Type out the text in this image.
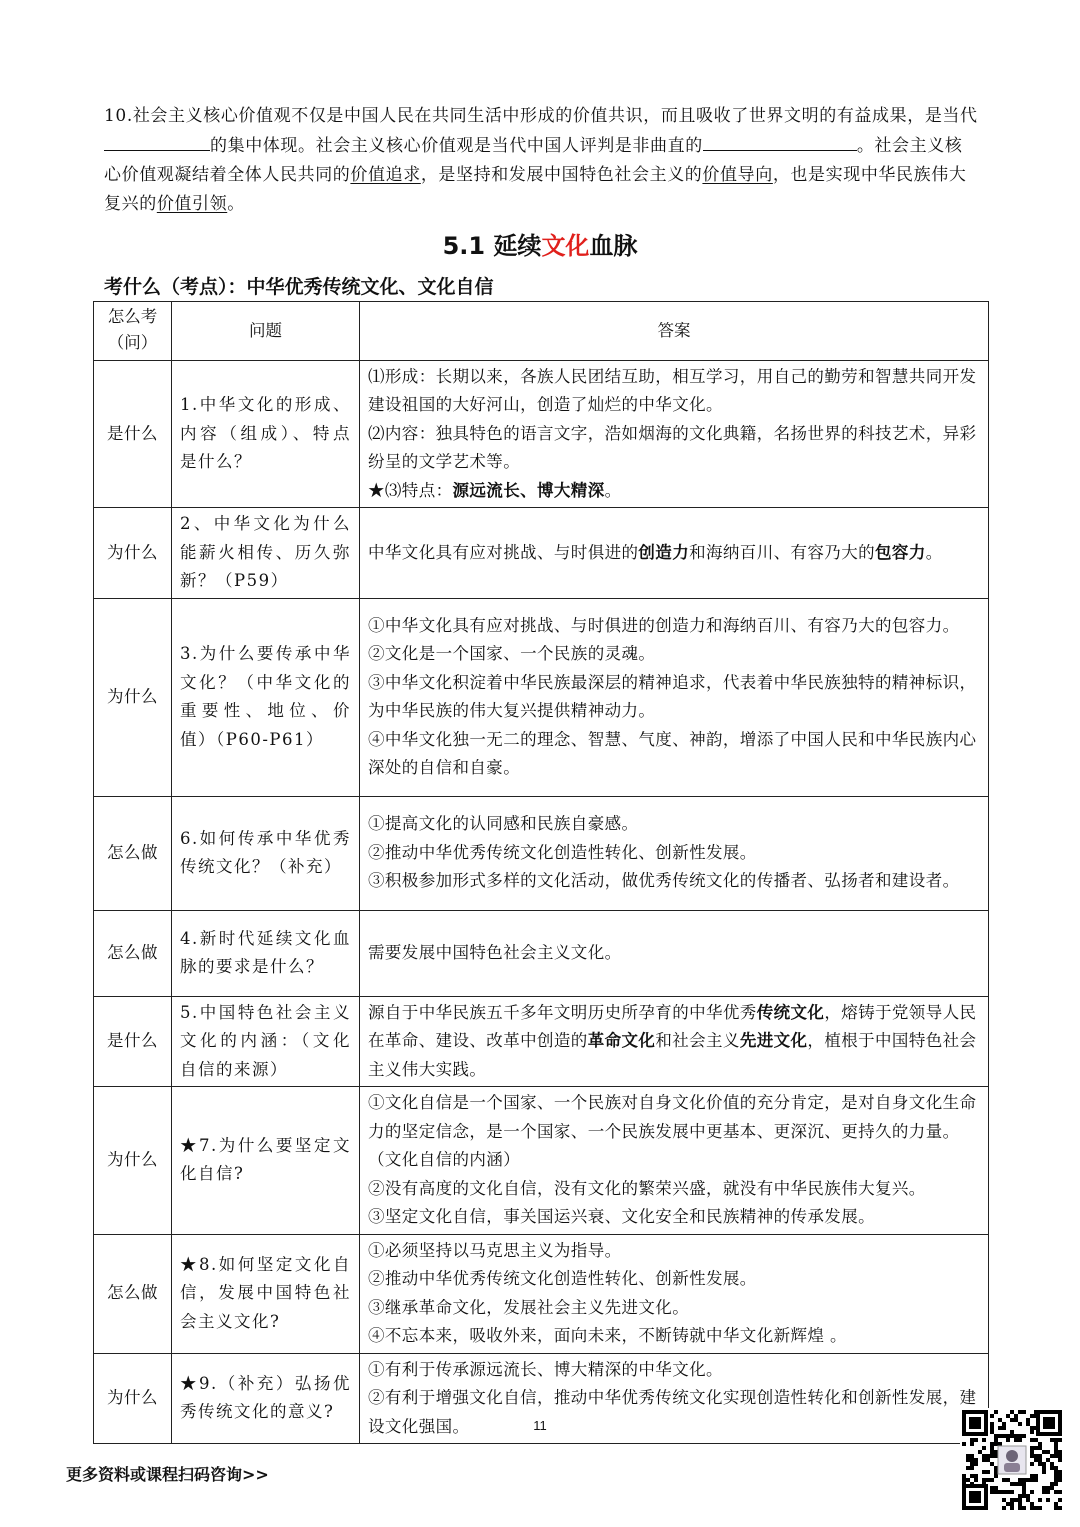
10.社会主义核心价值观不仅是中国人民在共同生活中形成的价值共识，而且吸收了世界文明的有益成果，是当代的集中体现。社会主义核心价值观是当代中国人评判是非曲直的	。社会主义核心价值观凝结着全体人民共同的价值追求，是坚持和发展中国特色社会主义的价值导向，也是实现中华民族伟大复兴的价值引领。

5.1 延续文化血脉
考什么（考点）：中华优秀传统文化、文化自信
怎么考（问）	问题	答案
是什么	1.中华文化的形成、内容（组成）、特点是什么？	⑴形成：长期以来，各族人民团结互助，相互学习，用自己的勤劳和智慧共同开发建设祖国的大好河山，创造了灿烂的中华文化。
⑵内容：独具特色的语言文字，浩如烟海的文化典籍，名扬世界的科技艺术，异彩纷呈的文学艺术等。
★⑶特点：源远流长、博大精深。

为什么	2、中华文化为什么能薪火相传、历久弥新？（P59）	中华文化具有应对挑战、与时俱进的创造力和海纳百川、有容乃大的包容力。
为什么	3.为什么要传承中华文化？（中华文化的重要性、地位、价值）（P60-P61）	①中华文化具有应对挑战、与时俱进的创造力和海纳百川、有容乃大的包容力。
②文化是一个国家、一个民族的灵魂。
③中华文化积淀着中华民族最深层的精神追求，代表着中华民族独特的精神标识，为中华民族的伟大复兴提供精神动力。
④中华文化独一无二的理念、智慧、气度、神韵，增添了中国人民和中华民族内心深处的自信和自豪。

怎么做	6.如何传承中华优秀传统文化？（补充）	①提高文化的认同感和民族自豪感。
②推动中华优秀传统文化创造性转化、创新性发展。
③积极参加形式多样的文化活动，做优秀传统文化的传播者、弘扬者和建设者。

怎么做	4.新时代延续文化血脉的要求是什么？	需要发展中国特色社会主义文化。

是什么	5.中国特色社会主义文化的内涵：（文化自信的来源）	源自于中华民族五千多年文明历史所孕育的中华优秀传统文化，熔铸于党领导人民在革命、建设、改革中创造的革命文化和社会主义先进文化，植根于中国特色社会主义伟大实践。
为什么	★7.为什么要坚定文化自信?	①文化自信是一个国家、一个民族对自身文化价值的充分肯定，是对自身文化生命力的坚定信念，是一个国家、一个民族发展中更基本、更深沉、更持久的力量。（文化自信的内涵）
②没有高度的文化自信，没有文化的繁荣兴盛，就没有中华民族伟大复兴。
③坚定文化自信，事关国运兴衰、文化安全和民族精神的传承发展。

怎么做	★8.如何坚定文化自信，发展中国特色社会主义文化?	①必须坚持以马克思主义为指导。
②推动中华优秀传统文化创造性转化、创新性发展。
③继承革命文化，发展社会主义先进文化。
④不忘本来，吸收外来，面向未来，不断铸就中华文化新辉煌 。

为什么	★9.（补充）弘扬优秀传统文化的意义?	①有利于传承源远流长、博大精深的中华文化。
②有利于增强文化自信，推动中华优秀传统文化实现创造性转化和创新性发展，建设文化强国。	11
更多资料或课程扫码咨询>>
